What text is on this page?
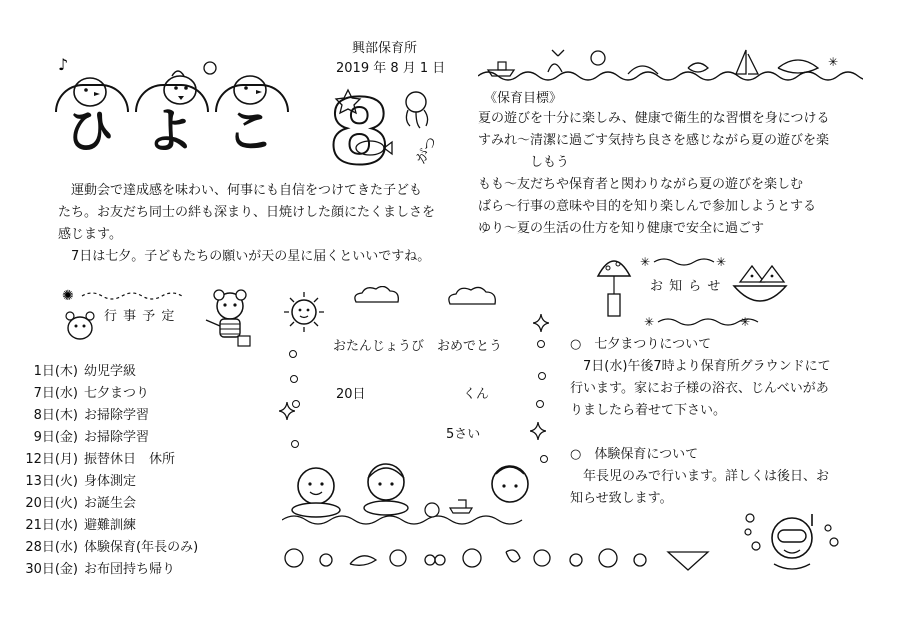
興部保育所
2019 年 8 月 1 日
♪
ひ よ こ 8 がつ
✳
《保育目標》
夏の遊びを十分に楽しみ、健康で衛生的な習慣を身につける
すみれ～清潔に過ごす気持ち良さを感じながら夏の遊びを楽
　　　　しもう
もも～友だちや保育者と関わりながら夏の遊びを楽しむ
ばら～行事の意味や目的を知り楽しんで参加しようとする
ゆり～夏の生活の仕方を知り健康で安全に過ごす
　運動会で達成感を味わい、何事にも自信をつけてきた子ども
たち。お友だち同士の絆も深まり、日焼けした顔にたくましさを
感じます。
　7日は七夕。子どもたちの願いが天の星に届くといいですね。
✺
行 事 予 定
1日(木) 幼児学級
7日(水) 七夕まつり
8日(木) お掃除学習
9日(金) お掃除学習
12日(月) 振替休日　休所
13日(火) 身体測定
20日(火) お誕生会
21日(水) 避難訓練
28日(水) 体験保育(年長のみ)
30日(金) お布団持ち帰り
おたんじょうび　おめでとう
20日	くん
5さい
✳	✳
✳	✳
お 知 ら せ
○　七夕まつりについて
　7日(水)午後7時より保育所グラウンドにて
行います。家にお子様の浴衣、じんべいがあ
りましたら着せて下さい。
○　体験保育について
　年長児のみで行います。詳しくは後日、お
知らせ致します。
